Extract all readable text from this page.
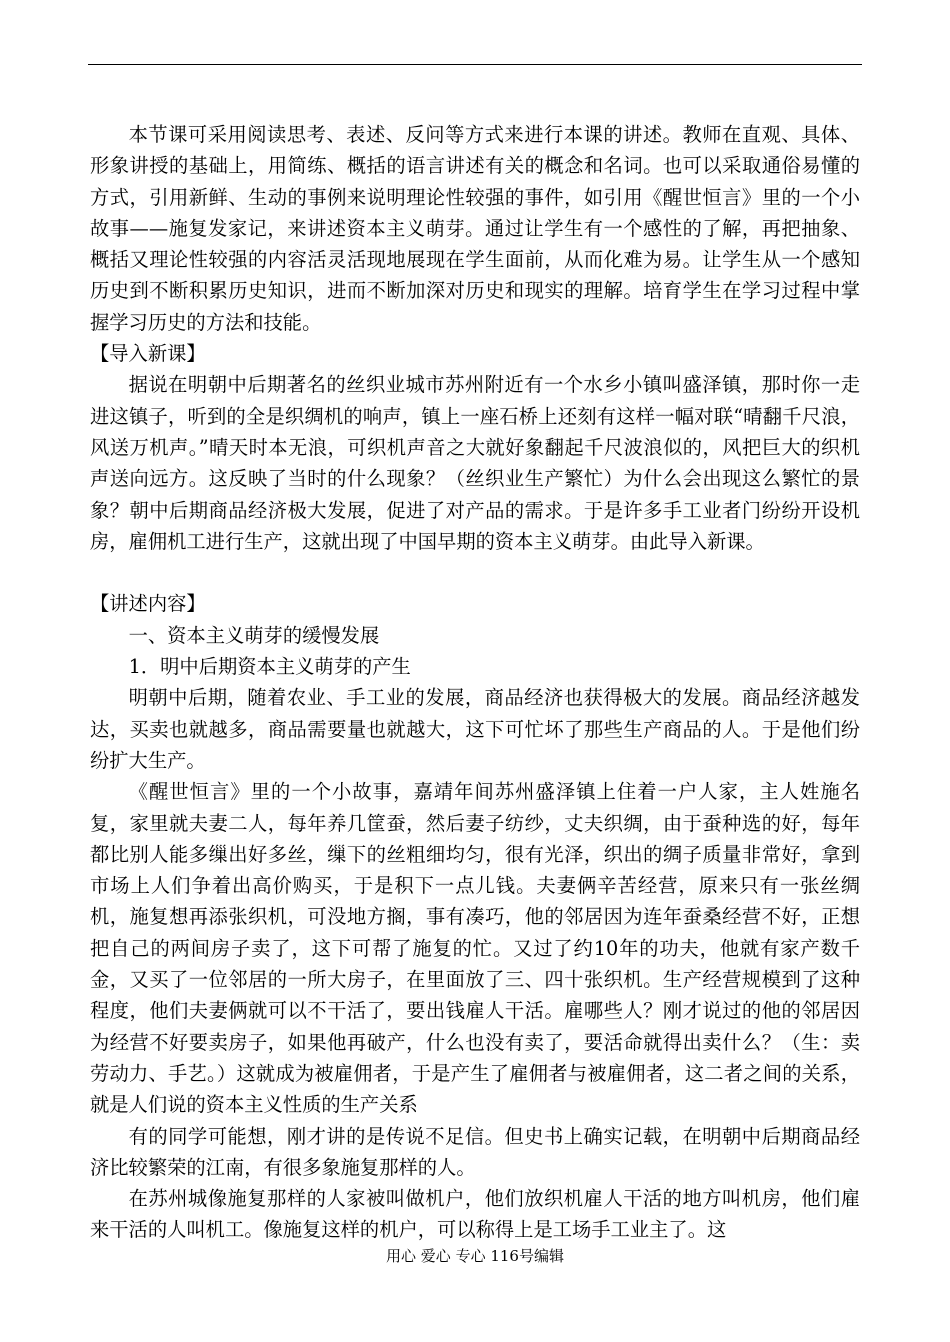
本节课可采用阅读思考、表述、反问等方式来进行本课的讲述。教师在直观、具体、形象讲授的基础上，用简练、概括的语言讲述有关的概念和名词。也可以采取通俗易懂的方式，引用新鲜、生动的事例来说明理论性较强的事件，如引用《醒世恒言》里的一个小故事——施复发家记，来讲述资本主义萌芽。通过让学生有一个感性的了解，再把抽象、概括又理论性较强的内容活灵活现地展现在学生面前，从而化难为易。让学生从一个感知历史到不断积累历史知识，进而不断加深对历史和现实的理解。培育学生在学习过程中掌握学习历史的方法和技能。

【导入新课】

据说在明朝中后期著名的丝织业城市苏州附近有一个水乡小镇叫盛泽镇，那时你一走进这镇子，听到的全是织绸机的响声，镇上一座石桥上还刻有这样一幅对联“晴翻千尺浪，风送万机声。”晴天时本无浪，可织机声音之大就好象翻起千尺波浪似的，风把巨大的织机声送向远方。这反映了当时的什么现象？（丝织业生产繁忙）为什么会出现这么繁忙的景象？朝中后期商品经济极大发展，促进了对产品的需求。于是许多手工业者门纷纷开设机房，雇佣机工进行生产，这就出现了中国早期的资本主义萌芽。由此导入新课。

【讲述内容】

一、资本主义萌芽的缓慢发展

1．明中后期资本主义萌芽的产生

明朝中后期，随着农业、手工业的发展，商品经济也获得极大的发展。商品经济越发达，买卖也就越多，商品需要量也就越大，这下可忙坏了那些生产商品的人。于是他们纷纷扩大生产。

《醒世恒言》里的一个小故事，嘉靖年间苏州盛泽镇上住着一户人家，主人姓施名复，家里就夫妻二人，每年养几筐蚕，然后妻子纺纱，丈夫织绸，由于蚕种选的好，每年都比别人能多缫出好多丝，缫下的丝粗细均匀，很有光泽，织出的绸子质量非常好，拿到市场上人们争着出高价购买，于是积下一点儿钱。夫妻俩辛苦经营，原来只有一张丝绸机，施复想再添张织机，可没地方搁，事有凑巧，他的邻居因为连年蚕桑经营不好，正想把自己的两间房子卖了，这下可帮了施复的忙。又过了约10年的功夫，他就有家产数千金，又买了一位邻居的一所大房子，在里面放了三、四十张织机。生产经营规模到了这种程度，他们夫妻俩就可以不干活了，要出钱雇人干活。雇哪些人？刚才说过的他的邻居因为经营不好要卖房子，如果他再破产，什么也没有卖了，要活命就得出卖什么？（生：卖劳动力、手艺。）这就成为被雇佣者，于是产生了雇佣者与被雇佣者，这二者之间的关系，就是人们说的资本主义性质的生产关系

有的同学可能想，刚才讲的是传说不足信。但史书上确实记载，在明朝中后期商品经济比较繁荣的江南，有很多象施复那样的人。

在苏州城像施复那样的人家被叫做机户，他们放织机雇人干活的地方叫机房，他们雇来干活的人叫机工。像施复这样的机户，可以称得上是工场手工业主了。这

用心 爱心 专心 116号编辑
